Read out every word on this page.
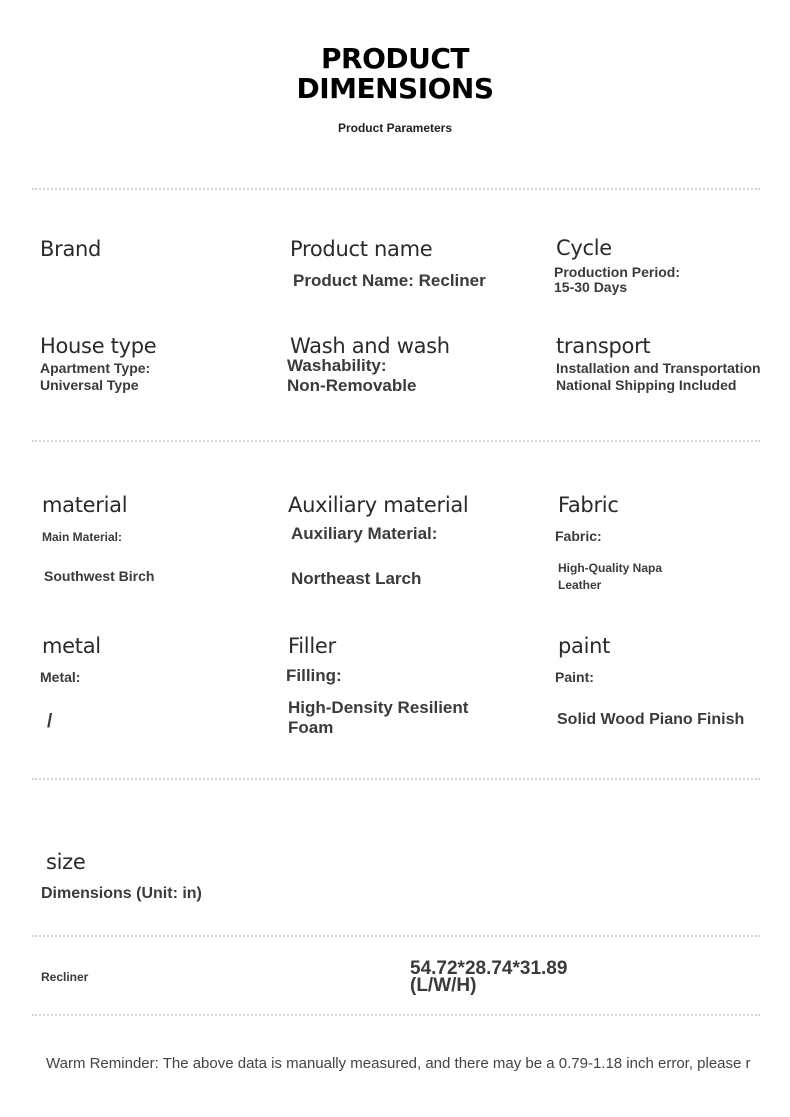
PRODUCT
DIMENSIONS
Product Parameters
Brand	Product name
Product Name: Recliner
Cycle
Production Period:
15-30 Days
House type
Apartment Type:
Universal Type
Wash and wash
Washability:
Non-Removable
transport
Installation and Transportation
National Shipping Included
material
Main Material:
Southwest Birch
Auxiliary material
Auxiliary Material:
Northeast Larch
Fabric
Fabric:
High-Quality Napa
Leather
metal
Metal:
/
Filler
Filling:
High-Density Resilient
Foam
paint
Paint:
Solid Wood Piano Finish
size
Dimensions (Unit: in)
Recliner	54.72*28.74*31.89
(L/W/H)
Warm Reminder: The above data is manually measured, and there may be a 0.79-1.18 inch error, please r
